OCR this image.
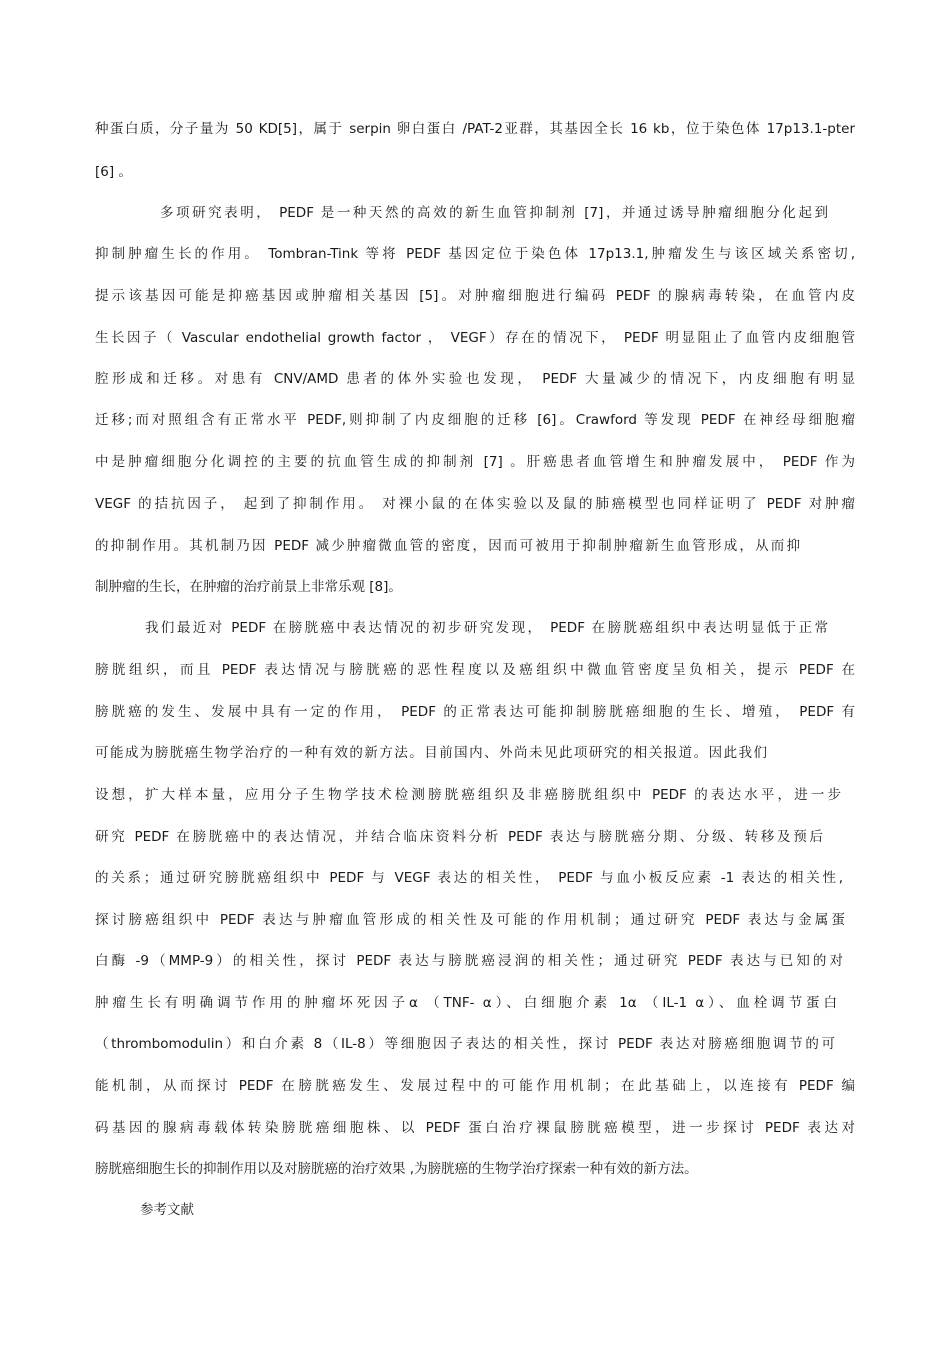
种蛋白质，分子量为 50 KD[5]，属于 serpin 卵白蛋白 /PAT-2亚群，其基因全长 16 kb，位于染色体 17p13.1-pter
[6] 。
多项研究表明， PEDF 是一种天然的高效的新生血管抑制剂 [7]，并通过诱导肿瘤细胞分化起到
抑制肿瘤生长的作用。 Tombran-Tink 等将 PEDF 基因定位于染色体 17p13.1,肿瘤发生与该区域关系密切,
提示该基因可能是抑癌基因或肿瘤相关基因 [5]。对肿瘤细胞进行编码 PEDF 的腺病毒转染，在血管内皮
生长因子（ Vascular endothelial growth factor ， VEGF）存在的情况下， PEDF 明显阻止了血管内皮细胞管
腔形成和迁移。对患有 CNV/AMD 患者的体外实验也发现， PEDF 大量减少的情况下，内皮细胞有明显
迁移;而对照组含有正常水平 PEDF,则抑制了内皮细胞的迁移 [6]。Crawford 等发现 PEDF 在神经母细胞瘤
中是肿瘤细胞分化调控的主要的抗血管生成的抑制剂 [7] 。肝癌患者血管增生和肿瘤发展中， PEDF 作为
VEGF 的拮抗因子， 起到了抑制作用。 对裸小鼠的在体实验以及鼠的肺癌模型也同样证明了 PEDF 对肿瘤
的抑制作用。其机制乃因 PEDF 减少肿瘤微血管的密度，因而可被用于抑制肿瘤新生血管形成，从而抑
制肿瘤的生长，在肿瘤的治疗前景上非常乐观 [8]。
我们最近对 PEDF 在膀胱癌中表达情况的初步研究发现， PEDF 在膀胱癌组织中表达明显低于正常
膀胱组织，而且 PEDF 表达情况与膀胱癌的恶性程度以及癌组织中微血管密度呈负相关，提示 PEDF 在
膀胱癌的发生、发展中具有一定的作用， PEDF 的正常表达可能抑制膀胱癌细胞的生长、增殖， PEDF 有
可能成为膀胱癌生物学治疗的一种有效的新方法。目前国内、外尚未见此项研究的相关报道。因此我们
设想，扩大样本量，应用分子生物学技术检测膀胱癌组织及非癌膀胱组织中 PEDF 的表达水平，进一步
研究 PEDF 在膀胱癌中的表达情况，并结合临床资料分析 PEDF 表达与膀胱癌分期、分级、转移及预后
的关系；通过研究膀胱癌组织中 PEDF 与 VEGF 表达的相关性， PEDF 与血小板反应素 -1 表达的相关性,
探讨膀癌组织中 PEDF 表达与肿瘤血管形成的相关性及可能的作用机制；通过研究 PEDF 表达与金属蛋
白酶 -9（MMP-9）的相关性，探讨 PEDF 表达与膀胱癌浸润的相关性；通过研究 PEDF 表达与已知的对
肿瘤生长有明确调节作用的肿瘤坏死因子α （TNF- α）、白细胞介素 1α （IL-1 α）、血栓调节蛋白
（thrombomodulin）和白介素 8（IL-8）等细胞因子表达的相关性，探讨 PEDF 表达对膀癌细胞调节的可
能机制，从而探讨 PEDF 在膀胱癌发生、发展过程中的可能作用机制；在此基础上，以连接有 PEDF 编
码基因的腺病毒载体转染膀胱癌细胞株、以 PEDF 蛋白治疗裸鼠膀胱癌模型，进一步探讨 PEDF 表达对
膀胱癌细胞生长的抑制作用以及对膀胱癌的治疗效果 ,为膀胱癌的生物学治疗探索一种有效的新方法。
参考文献
